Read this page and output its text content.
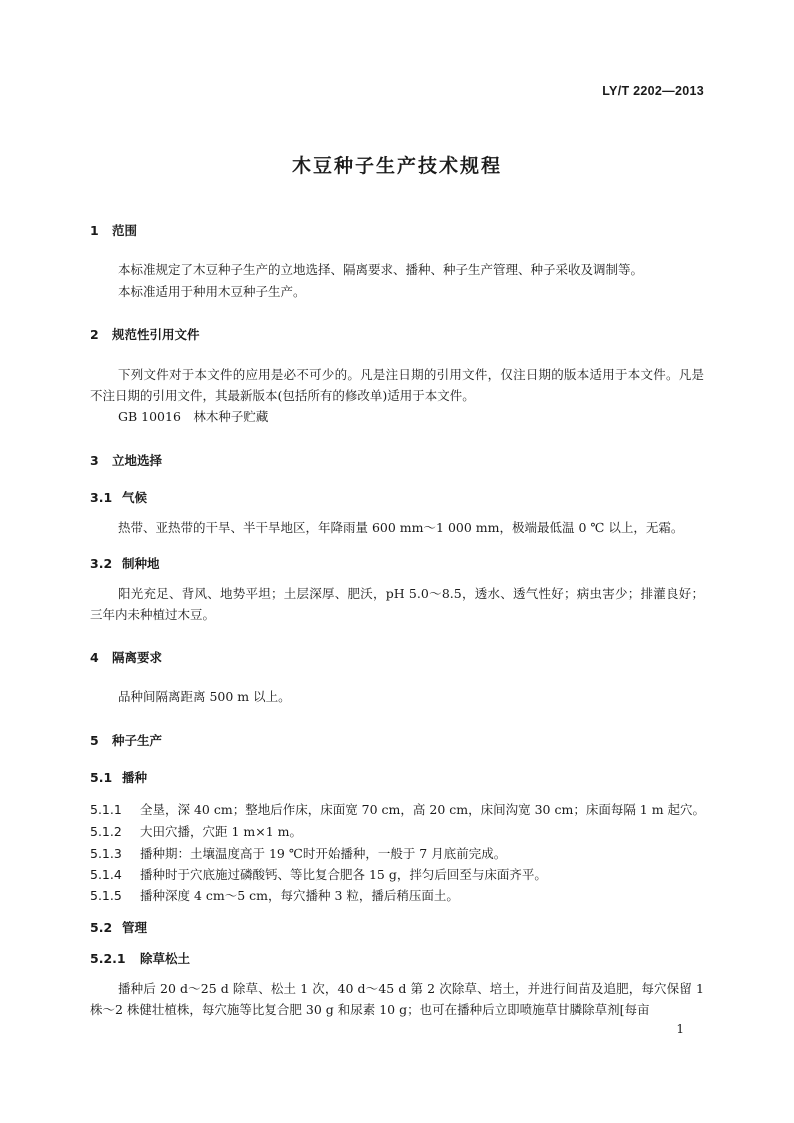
LY/T 2202—2013
木豆种子生产技术规程
1 范围
本标准规定了木豆种子生产的立地选择、隔离要求、播种、种子生产管理、种子采收及调制等。
本标准适用于种用木豆种子生产。
2 规范性引用文件
下列文件对于本文件的应用是必不可少的。凡是注日期的引用文件，仅注日期的版本适用于本文件。凡是不注日期的引用文件，其最新版本(包括所有的修改单)适用于本文件。
GB 10016　林木种子贮藏
3 立地选择
3.1 气候
热带、亚热带的干旱、半干旱地区，年降雨量 600 mm～1 000 mm，极端最低温 0 ℃ 以上，无霜。
3.2 制种地
阳光充足、背风、地势平坦；土层深厚、肥沃，pH 5.0～8.5，透水、透气性好；病虫害少；排灌良好；三年内未种植过木豆。
4 隔离要求
品种间隔离距离 500 m 以上。
5 种子生产
5.1 播种
5.1.1 全垦，深 40 cm；整地后作床，床面宽 70 cm，高 20 cm，床间沟宽 30 cm；床面每隔 1 m 起穴。
5.1.2 大田穴播，穴距 1 m×1 m。
5.1.3 播种期：土壤温度高于 19 ℃时开始播种，一般于 7 月底前完成。
5.1.4 播种时于穴底施过磷酸钙、等比复合肥各 15 g，拌匀后回至与床面齐平。
5.1.5 播种深度 4 cm～5 cm，每穴播种 3 粒，播后稍压面土。
5.2 管理
5.2.1 除草松土
播种后 20 d～25 d 除草、松土 1 次，40 d～45 d 第 2 次除草、培土，并进行间苗及追肥，每穴保留 1 株～2 株健壮植株，每穴施等比复合肥 30 g 和尿素 10 g；也可在播种后立即喷施草甘膦除草剂[每亩
1
